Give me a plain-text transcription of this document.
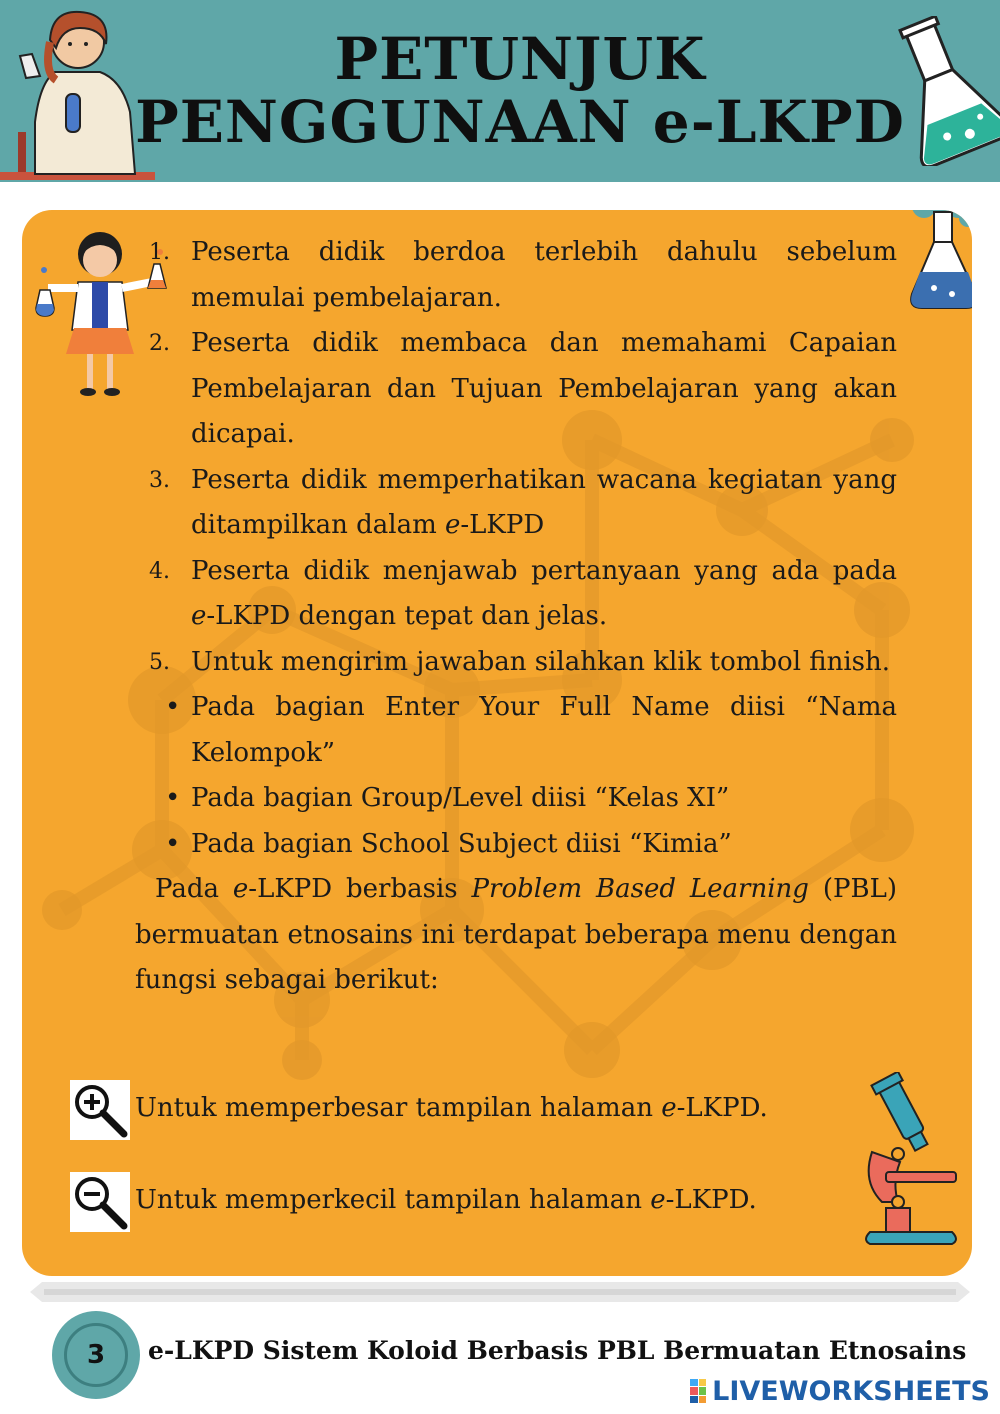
PETUNJUK
PENGGUNAAN e-LKPD
1. Peserta didik berdoa terlebih dahulu sebelum memulai pembelajaran.
2. Peserta didik membaca dan memahami Capaian Pembelajaran dan Tujuan Pembelajaran yang akan dicapai.
3. Peserta didik memperhatikan wacana kegiatan yang ditampilkan dalam e-LKPD
4. Peserta didik menjawab pertanyaan yang ada pada e-LKPD dengan tepat dan jelas.
5. Untuk mengirim jawaban silahkan klik tombol finish.
• Pada bagian Enter Your Full Name diisi “Nama Kelompok”
• Pada bagian Group/Level diisi “Kelas XI”
• Pada bagian School Subject diisi “Kimia”

Pada e-LKPD berbasis Problem Based Learning (PBL) bermuatan etnosains ini terdapat beberapa menu dengan fungsi sebagai berikut:

Untuk memperbesar tampilan halaman e-LKPD.
Untuk memperkecil tampilan halaman e-LKPD.
3	e-LKPD Sistem Koloid Berbasis PBL Bermuatan Etnosains
LIVEWORKSHEETS
